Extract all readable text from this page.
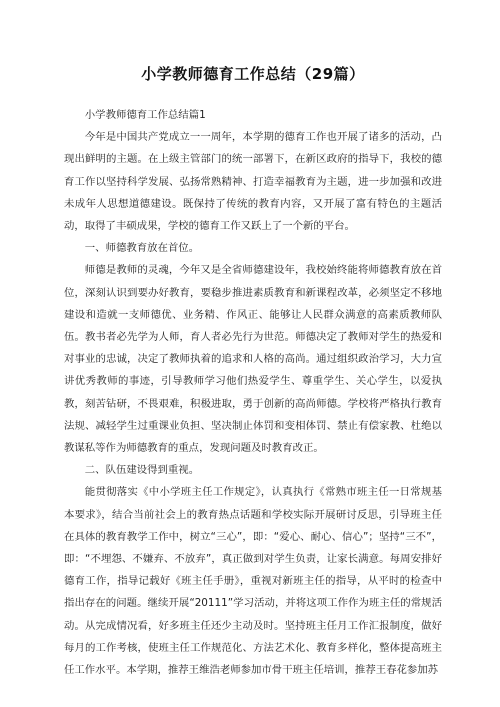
小学教师德育工作总结（29篇）

小学教师德育工作总结篇1

今年是中国共产党成立一一周年，本学期的德育工作也开展了诸多的活动，凸现出鲜明的主题。在上级主管部门的统一部署下，在新区政府的指导下，我校的德育工作以坚持科学发展、弘扬常熟精神、打造幸福教育为主题，进一步加强和改进未成年人思想道德建设。既保持了传统的教育内容，又开展了富有特色的主题活动，取得了丰硕成果，学校的德育工作又跃上了一个新的平台。

一、师德教育放在首位。

师德是教师的灵魂，今年又是全省师德建设年，我校始终能将师德教育放在首位，深刻认识到要办好教育，要稳步推进素质教育和新课程改革，必须坚定不移地建设和造就一支师德优、业务精、作风正、能够让人民群众满意的高素质教师队伍。教书者必先学为人师，育人者必先行为世范。师德决定了教师对学生的热爱和对事业的忠诚，决定了教师执着的追求和人格的高尚。通过组织政治学习，大力宣讲优秀教师的事迹，引导教师学习他们热爱学生、尊重学生、关心学生，以爱执教，刻苦钻研，不畏艰难，积极进取，勇于创新的高尚师德。学校将严格执行教育法规、减轻学生过重课业负担、坚决制止体罚和变相体罚、禁止有偿家教、杜绝以教谋私等作为师德教育的重点，发现问题及时教育改正。

二、队伍建设得到重视。

能贯彻落实《中小学班主任工作规定》，认真执行《常熟市班主任一日常规基本要求》，结合当前社会上的教育热点话题和学校实际开展研讨反思，引导班主任在具体的教育教学工作中，树立“三心”，即：“爱心、耐心、信心”；坚持“三不”，即：“不埋怨、不嫌弃、不放弃”，真正做到对学生负责，让家长满意。每周安排好德育工作，指导记载好《班主任手册》，重视对新班主任的指导，从平时的检查中指出存在的问题。继续开展“20111”学习活动，并将这项工作作为班主任的常规活动。从完成情况看，好多班主任还少主动及时。坚持班主任月工作汇报制度，做好每月的工作考核，使班主任工作规范化、方法艺术化、教育多样化，整体提高班主任工作水平。本学期，推荐王维浩老师参加市骨干班主任培训，推荐王春花参加苏
